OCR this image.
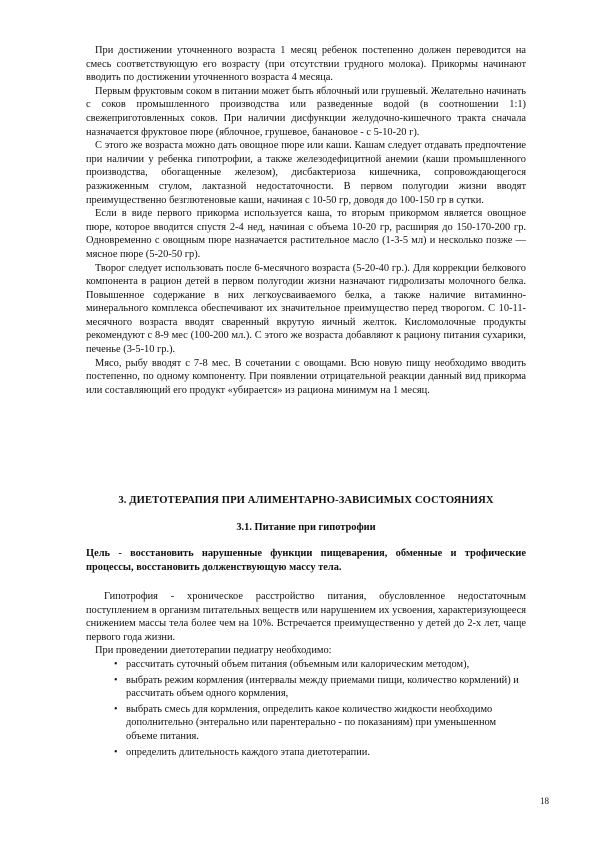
При достижении уточненного возраста 1 месяц ребенок постепенно должен переводится на смесь соответствующую его возрасту (при отсутствии грудного молока). Прикормы начинают вводить по достижении уточненного возраста 4 месяца.

Первым фруктовым соком в питании может быть яблочный или грушевый. Желательно начинать с соков промышленного производства или разведенные водой (в соотношении 1:1) свежеприготовленных соков. При наличии дисфункции желудочно-кишечного тракта сначала назначается фруктовое пюре (яблочное, грушевое, банановое - с 5-10-20 г).

С этого же возраста можно дать овощное пюре или каши. Кашам следует отдавать предпочтение при наличии у ребенка гипотрофии, а также железодефицитной анемии (каши промышленного производства, обогащенные железом), дисбактериоза кишечника, сопровождающегося разжиженным стулом, лактазной недостаточности. В первом полугодии жизни вводят преимущественно безглютеновые каши, начиная с 10-50 гр, доводя до 100-150 гр в сутки.

Если в виде первого прикорма используется каша, то вторым прикормом является овощное пюре, которое вводится спустя 2-4 нед, начиная с объема 10-20 гр, расширяя до 150-170-200 гр. Одновременно с овощным пюре назначается растительное масло (1-3-5 мл) и несколько позже — мясное пюре (5-20-50 гр).

Творог следует использовать после 6-месячного возраста (5-20-40 гр.). Для коррекции белкового компонента в рацион детей в первом полугодии жизни назначают гидролизаты молочного белка. Повышенное содержание в них легкоусваиваемого белка, а также наличие витаминно-минерального комплекса обеспечивают их значительное преимущество перед творогом. С 10-11-месячного возраста вводят сваренный вкрутую яичный желток. Кисломолочные продукты рекомендуют с 8-9 мес (100-200 мл.). С этого же возраста добавляют к рациону питания сухарики, печенье (3-5-10 гр.).

Мясо, рыбу вводят с 7-8 мес. В сочетании с овощами. Всю новую пищу необходимо вводить постепенно, по одному компоненту. При появлении отрицательной реакции данный вид прикорма или составляющий его продукт «убирается» из рациона минимум на 1 месяц.

3. ДИЕТОТЕРАПИЯ ПРИ АЛИМЕНТАРНО-ЗАВИСИМЫХ СОСТОЯНИЯХ
3.1. Питание при гипотрофии

Цель - восстановить нарушенные функции пищеварения, обменные и трофические процессы, восстановить долженствующую массу тела.

Гипотрофия - хроническое расстройство питания, обусловленное недостаточным поступлением в организм питательных веществ или нарушением их усвоения, характеризующееся снижением массы тела более чем на 10%. Встречается преимущественно у детей до 2-х лет, чаще первого года жизни.

При проведении диетотерапии педиатру необходимо:

• рассчитать суточный объем питания (объемным или калорическим методом),
• выбрать режим кормления (интервалы между приемами пищи, количество кормлений) и рассчитать объем одного кормления,
• выбрать смесь для кормления, определить какое количество жидкости необходимо дополнительно (энтерально или парентерально - по показаниям) при уменьшенном объеме питания.
• определить длительность каждого этапа диетотерапии.
18
